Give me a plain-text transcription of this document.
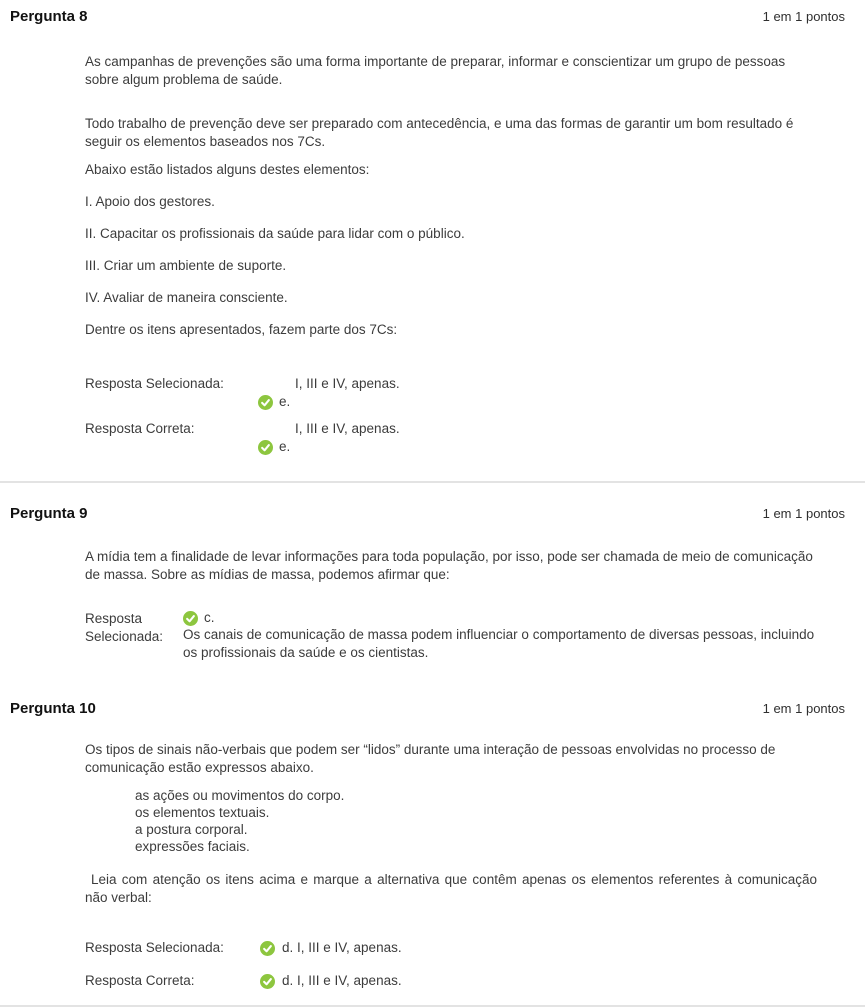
Pergunta 8	1 em 1 pontos

As campanhas de prevenções são uma forma importante de preparar, informar e conscientizar um grupo de pessoas sobre algum problema de saúde.

Todo trabalho de prevenção deve ser preparado com antecedência, e uma das formas de garantir um bom resultado é seguir os elementos baseados nos 7Cs.

Abaixo estão listados alguns destes elementos:

I. Apoio dos gestores.

II. Capacitar os profissionais da saúde para lidar com o público.

III. Criar um ambiente de suporte.

IV. Avaliar de maneira consciente.

Dentre os itens apresentados, fazem parte dos 7Cs:

Resposta Selecionada:	I, III e IV, apenas.
e.
Resposta Correta:	I, III e IV, apenas.
e.
Pergunta 9	1 em 1 pontos

A mídia tem a finalidade de levar informações para toda população, por isso, pode ser chamada de meio de comunicação de massa. Sobre as mídias de massa, podemos afirmar que:

Resposta Selecionada:
c.
Os canais de comunicação de massa podem influenciar o comportamento de diversas pessoas, incluindo os profissionais da saúde e os cientistas.
Pergunta 10	1 em 1 pontos

Os tipos de sinais não-verbais que podem ser “lidos” durante uma interação de pessoas envolvidas no processo de comunicação estão expressos abaixo.

as ações ou movimentos do corpo.
os elementos textuais.
a postura corporal.
expressões faciais.

Leia com atenção os itens acima e marque a alternativa que contêm apenas os elementos referentes à comunicação não verbal:

Resposta Selecionada:	d. I, III e IV, apenas.
Resposta Correta:	d. I, III e IV, apenas.
